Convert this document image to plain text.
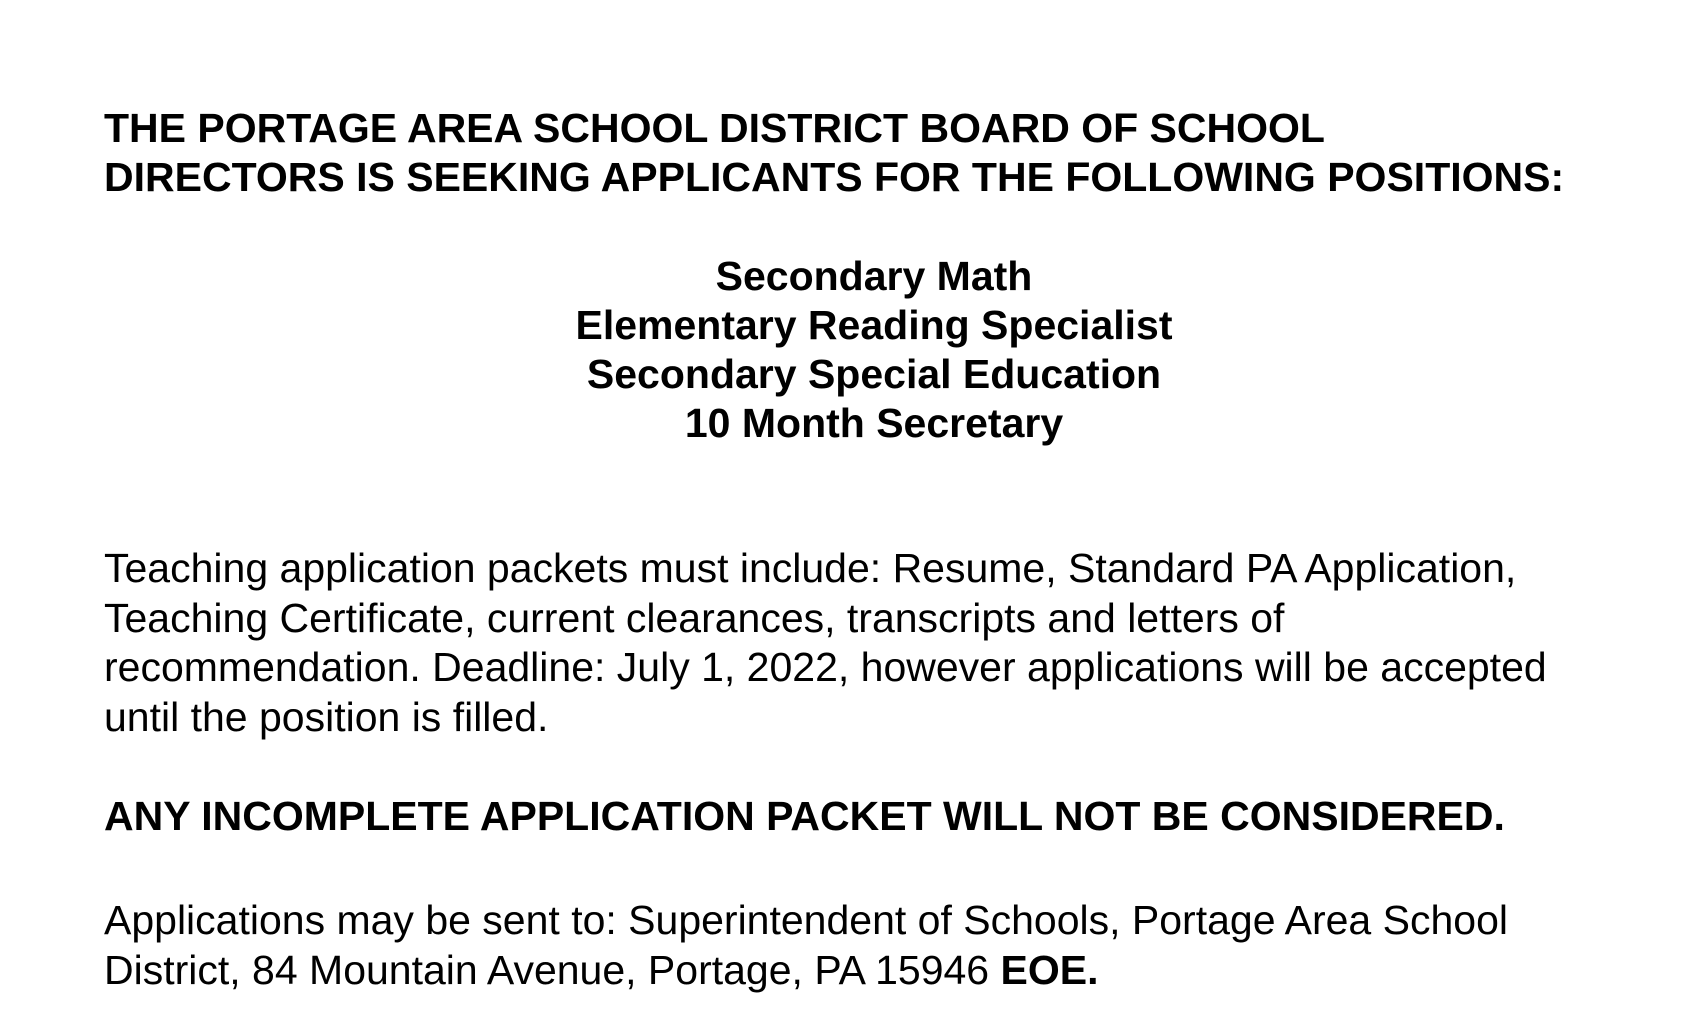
THE PORTAGE AREA SCHOOL DISTRICT BOARD OF SCHOOL
DIRECTORS IS SEEKING APPLICANTS FOR THE FOLLOWING POSITIONS:
Secondary Math
Elementary Reading Specialist
Secondary Special Education
10 Month Secretary

Teaching application packets must include: Resume, Standard PA Application,
Teaching Certificate, current clearances, transcripts and letters of
recommendation. Deadline: July 1, 2022, however applications will be accepted
until the position is filled.

ANY INCOMPLETE APPLICATION PACKET WILL NOT BE CONSIDERED.

Applications may be sent to: Superintendent of Schools, Portage Area School
District, 84 Mountain Avenue, Portage, PA 15946 EOE.
